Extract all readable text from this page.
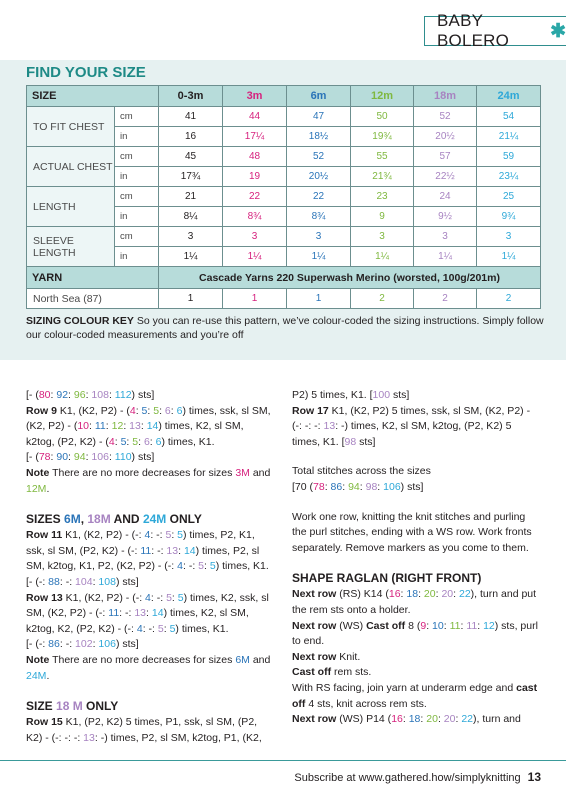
BABY BOLERO	✱
FIND YOUR SIZE
SIZE		0-3m	3m	6m	12m	18m	24m
TO FIT CHEST	cm	41	44	47	50	52	54
	in	16	17¼	18½	19¾	20½	21¼
ACTUAL CHEST	cm	45	48	52	55	57	59
	in	17¾	19	20½	21¾	22½	23¼
LENGTH	cm	21	22	22	23	24	25
	in	8¼	8¾	8¾	9	9½	9¾
SLEEVE
LENGTH	cm	3	3	3	3	3	3
	in	1¼	1¼	1¼	1¼	1¼	1¼
YARN		Cascade Yarns 220 Superwash Merino (worsted, 100g/201m)					
North Sea (87)		1	1	1	2	2	2

SIZING COLOUR KEY So you can re-use this pattern, we’ve colour-coded the sizing instructions. Simply follow our colour-coded measurements and you’re off

[- (80: 92: 96: 108: 112) sts]

Row 9 K1, (K2, P2) - (4: 5: 5: 6: 6) times, ssk, sl SM, (K2, P2) - (10: 11: 12: 13: 14) times, K2, sl SM, k2tog, (P2, K2) - (4: 5: 5: 6: 6) times, K1.

[- (78: 90: 94: 106: 110) sts]

Note There are no more decreases for sizes 3M and 12M.

SIZES 6M, 18M AND 24M ONLY

Row 11 K1, (K2, P2) - (-: 4: -: 5: 5) times, P2, K1, ssk, sl SM, (P2, K2) - (-: 11: -: 13: 14) times, P2, sl SM, k2tog, K1, P2, (K2, P2) - (-: 4: -: 5: 5) times, K1. [- (-: 88: -: 104: 108) sts]

Row 13 K1, (K2, P2) - (-: 4: -: 5: 5) times, K2, ssk, sl SM, (K2, P2) - (-: 11: -: 13: 14) times, K2, sl SM, k2tog, K2, (P2, K2) - (-: 4: -: 5: 5) times, K1.

[- (-: 86: -: 102: 106) sts]

Note There are no more decreases for sizes 6M and 24M.

SIZE 18 M ONLY

Row 15 K1, (P2, K2) 5 times, P1, ssk, sl SM, (P2, K2) - (-: -: -: 13: -) times, P2, sl SM, k2tog, P1, (K2,

P2) 5 times, K1. [100 sts]

Row 17 K1, (K2, P2) 5 times, ssk, sl SM, (K2, P2) - (-: -: -: 13: -) times, K2, sl SM, k2tog, (P2, K2) 5 times, K1. [98 sts]

Total stitches across the sizes

[70 (78: 86: 94: 98: 106) sts]

Work one row, knitting the knit stitches and purling the purl stitches, ending with a WS row. Work fronts separately. Remove markers as you come to them.

SHAPE RAGLAN (RIGHT FRONT)

Next row (RS) K14 (16: 18: 20: 20: 22), turn and put the rem sts onto a holder.

Next row (WS) Cast off 8 (9: 10: 11: 11: 12) sts, purl to end.

Next row Knit.

Cast off rem sts.

With RS facing, join yarn at underarm edge and cast off 4 sts, knit across rem sts.

Next row (WS) P14 (16: 18: 20: 20: 22), turn and

Subscribe at www.gathered.how/simplyknitting 13
